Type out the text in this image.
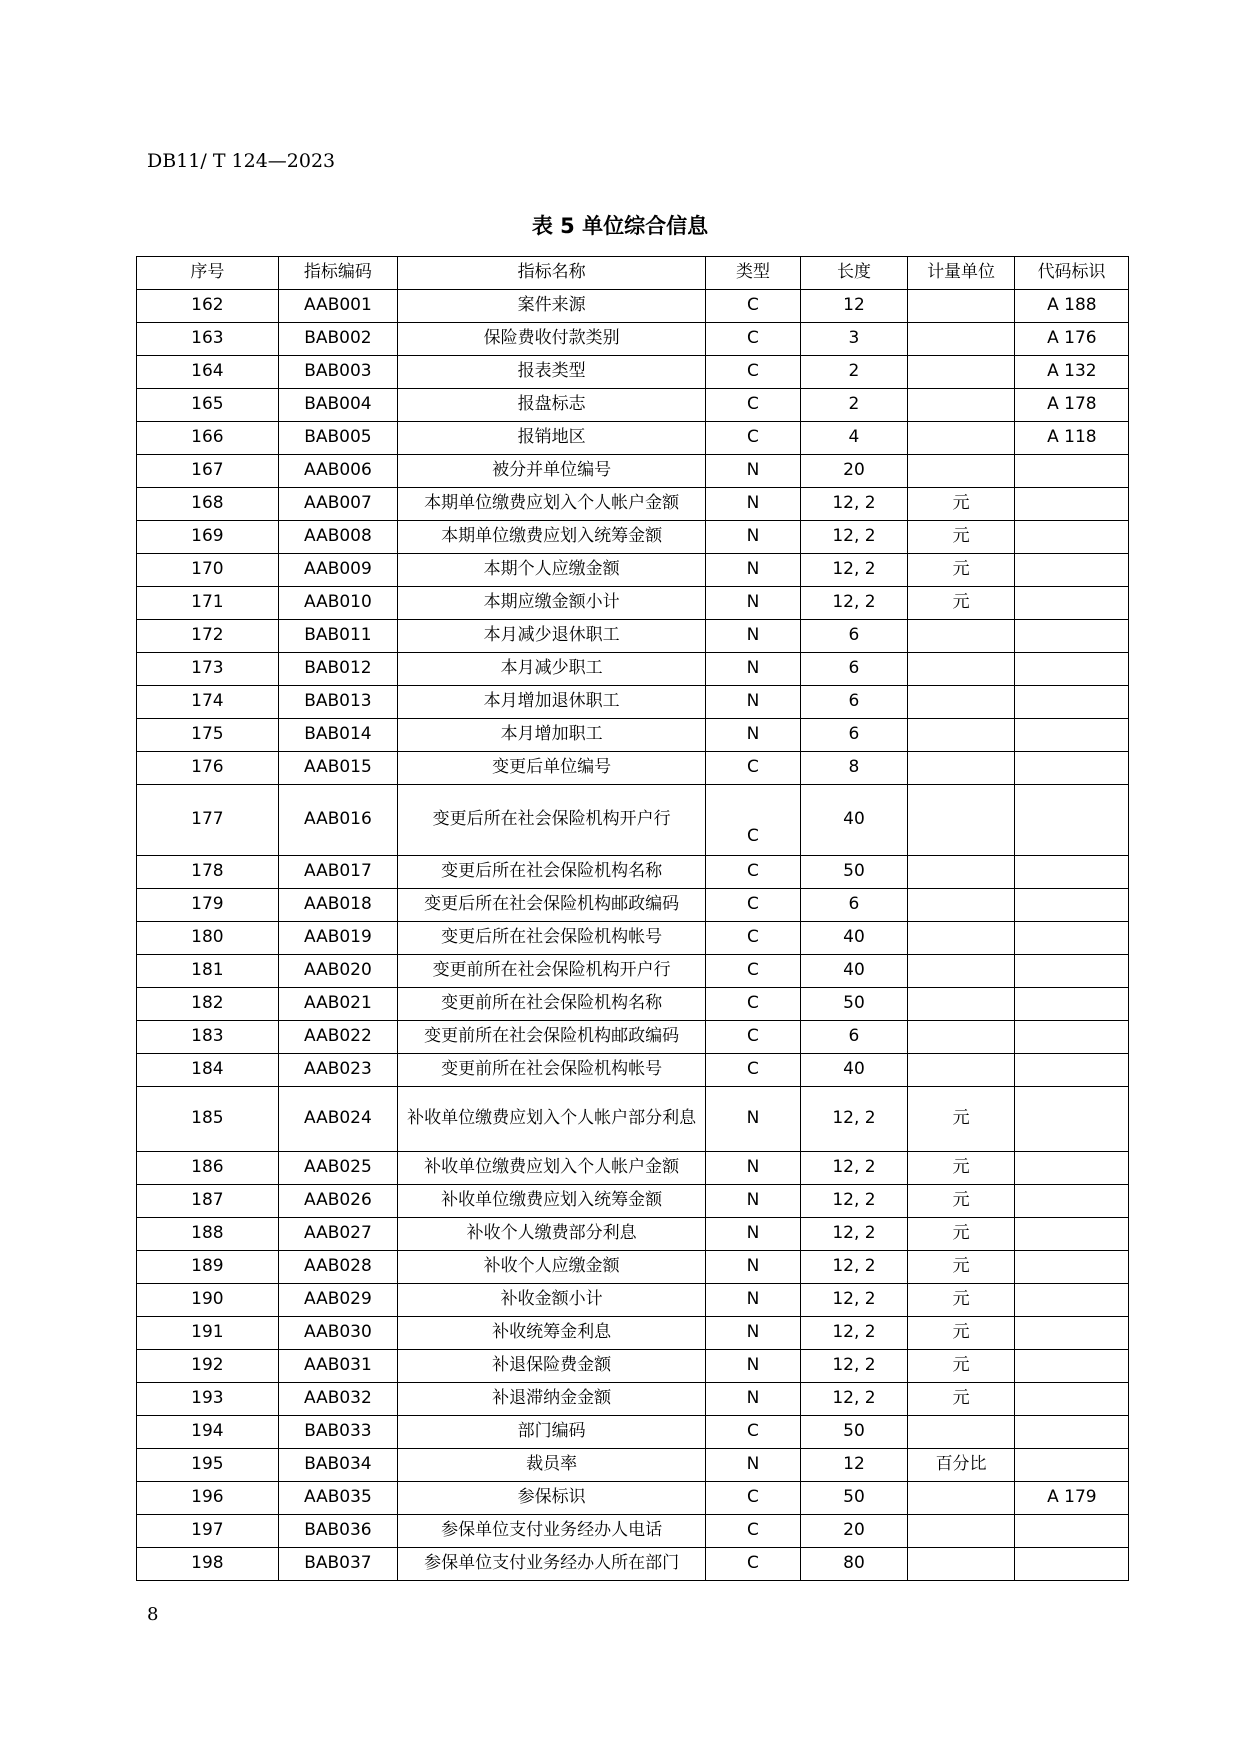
DB11/ T 124—2023
表 5 单位综合信息
序号	指标编码	指标名称	类型	长度	计量单位	代码标识
162	AAB001	案件来源	C	12		A 188
163	BAB002	保险费收付款类别	C	3		A 176
164	BAB003	报表类型	C	2		A 132
165	BAB004	报盘标志	C	2		A 178
166	BAB005	报销地区	C	4		A 118
167	AAB006	被分并单位编号	N	20		
168	AAB007	本期单位缴费应划入个人帐户金额	N	12, 2	元	
169	AAB008	本期单位缴费应划入统筹金额	N	12, 2	元	
170	AAB009	本期个人应缴金额	N	12, 2	元	
171	AAB010	本期应缴金额小计	N	12, 2	元	
172	BAB011	本月减少退休职工	N	6		
173	BAB012	本月减少职工	N	6		
174	BAB013	本月增加退休职工	N	6		
175	BAB014	本月增加职工	N	6		
176	AAB015	变更后单位编号	C	8		
177	AAB016	变更后所在社会保险机构开户行	C	40		
178	AAB017	变更后所在社会保险机构名称	C	50		
179	AAB018	变更后所在社会保险机构邮政编码	C	6		
180	AAB019	变更后所在社会保险机构帐号	C	40		
181	AAB020	变更前所在社会保险机构开户行	C	40		
182	AAB021	变更前所在社会保险机构名称	C	50		
183	AAB022	变更前所在社会保险机构邮政编码	C	6		
184	AAB023	变更前所在社会保险机构帐号	C	40		
185	AAB024	补收单位缴费应划入个人帐户部分利息	N	12, 2	元	
186	AAB025	补收单位缴费应划入个人帐户金额	N	12, 2	元	
187	AAB026	补收单位缴费应划入统筹金额	N	12, 2	元	
188	AAB027	补收个人缴费部分利息	N	12, 2	元	
189	AAB028	补收个人应缴金额	N	12, 2	元	
190	AAB029	补收金额小计	N	12, 2	元	
191	AAB030	补收统筹金利息	N	12, 2	元	
192	AAB031	补退保险费金额	N	12, 2	元	
193	AAB032	补退滞纳金金额	N	12, 2	元	
194	BAB033	部门编码	C	50		
195	BAB034	裁员率	N	12	百分比	
196	AAB035	参保标识	C	50		A 179
197	BAB036	参保单位支付业务经办人电话	C	20		
198	BAB037	参保单位支付业务经办人所在部门	C	80		
8
